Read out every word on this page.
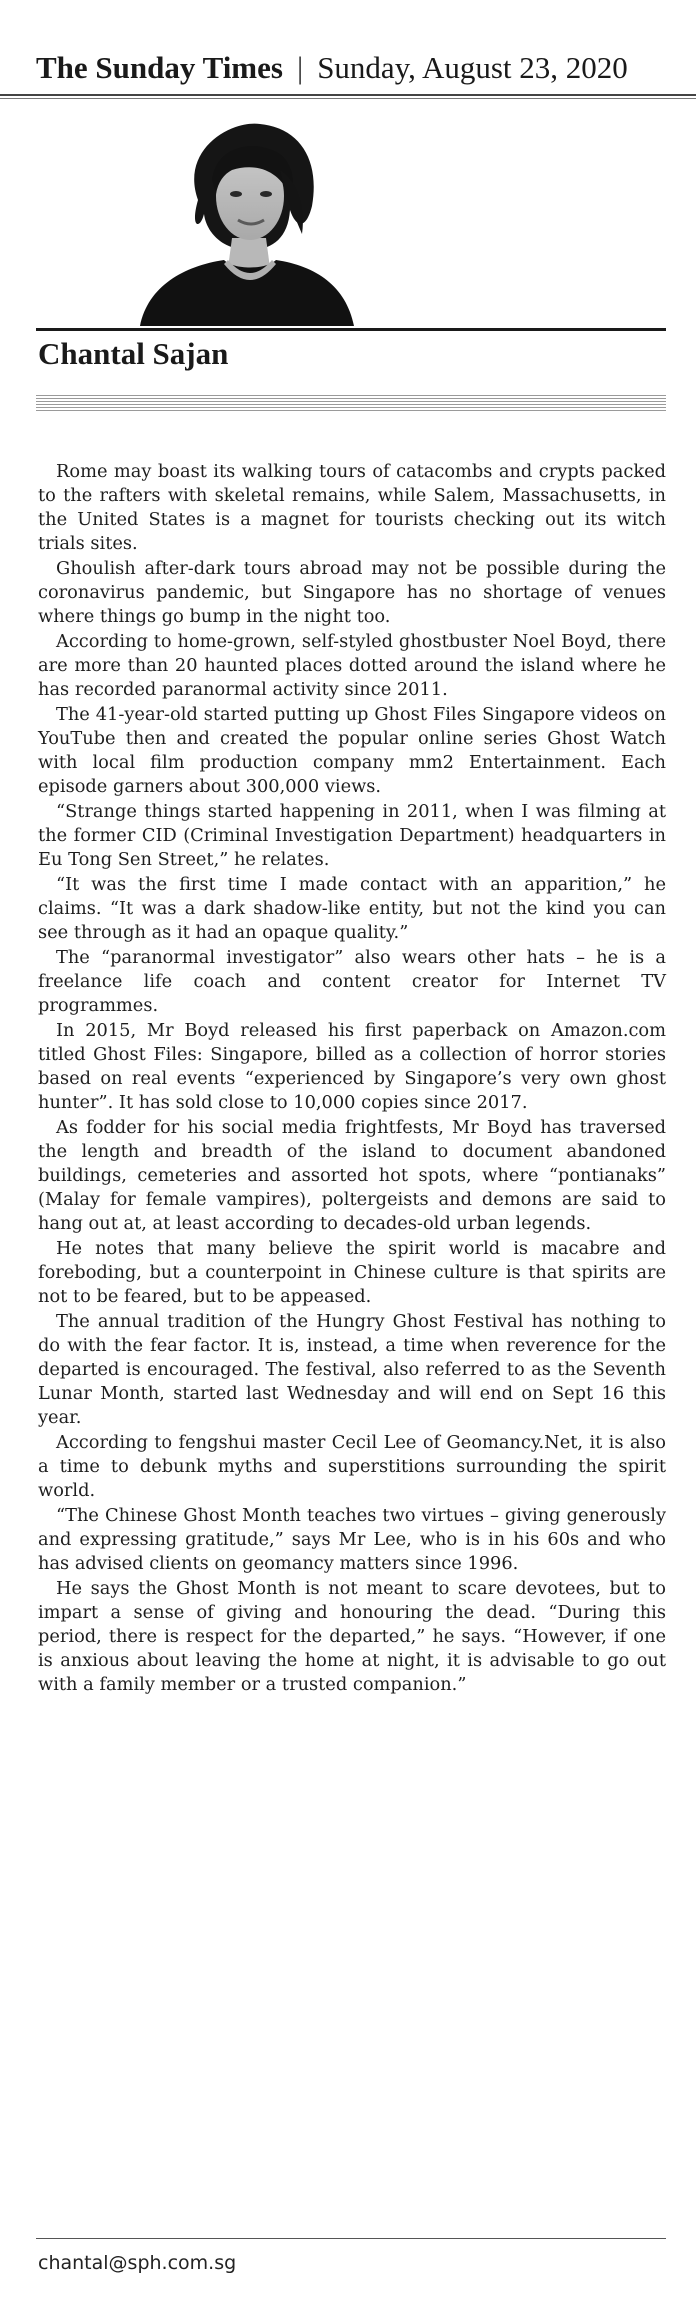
The Sunday Times | Sunday, August 23, 2020
Chantal Sajan

Rome may boast its walking tours of catacombs and crypts packed to the rafters with skeletal remains, while Salem, Massachusetts, in the United States is a magnet for tourists checking out its witch trials sites.

Ghoulish after-dark tours abroad may not be possible during the coronavirus pandemic, but Singapore has no shortage of venues where things go bump in the night too.

According to home-grown, self-styled ghostbuster Noel Boyd, there are more than 20 haunted places dotted around the island where he has recorded paranormal activity since 2011.

The 41-year-old started putting up Ghost Files Singapore videos on YouTube then and created the popular online series Ghost Watch with local film production company mm2 Entertainment. Each episode garners about 300,000 views.

“Strange things started happening in 2011, when I was filming at the former CID (Criminal Investigation Department) headquarters in Eu Tong Sen Street,” he relates.

“It was the first time I made contact with an apparition,” he claims. “It was a dark shadow-like entity, but not the kind you can see through as it had an opaque quality.”

The “paranormal investigator” also wears other hats – he is a freelance life coach and content creator for Internet TV programmes.

In 2015, Mr Boyd released his first paperback on Amazon.com titled Ghost Files: Singapore, billed as a collection of horror stories based on real events “experienced by Singapore’s very own ghost hunter”. It has sold close to 10,000 copies since 2017.

As fodder for his social media frightfests, Mr Boyd has traversed the length and breadth of the island to document abandoned buildings, cemeteries and assorted hot spots, where “pontianaks” (Malay for female vampires), poltergeists and demons are said to hang out at, at least according to decades-old urban legends.

He notes that many believe the spirit world is macabre and foreboding, but a counterpoint in Chinese culture is that spirits are not to be feared, but to be appeased.

The annual tradition of the Hungry Ghost Festival has nothing to do with the fear factor. It is, instead, a time when reverence for the departed is encouraged. The festival, also referred to as the Seventh Lunar Month, started last Wednesday and will end on Sept 16 this year.

According to fengshui master Cecil Lee of Geomancy.Net, it is also a time to debunk myths and superstitions surrounding the spirit world.

“The Chinese Ghost Month teaches two virtues – giving generously and expressing gratitude,” says Mr Lee, who is in his 60s and who has advised clients on geomancy matters since 1996.

He says the Ghost Month is not meant to scare devotees, but to impart a sense of giving and honouring the dead. “During this period, there is respect for the departed,” he says. “However, if one is anxious about leaving the home at night, it is advisable to go out with a family member or a trusted companion.”

chantal@sph.com.sg
